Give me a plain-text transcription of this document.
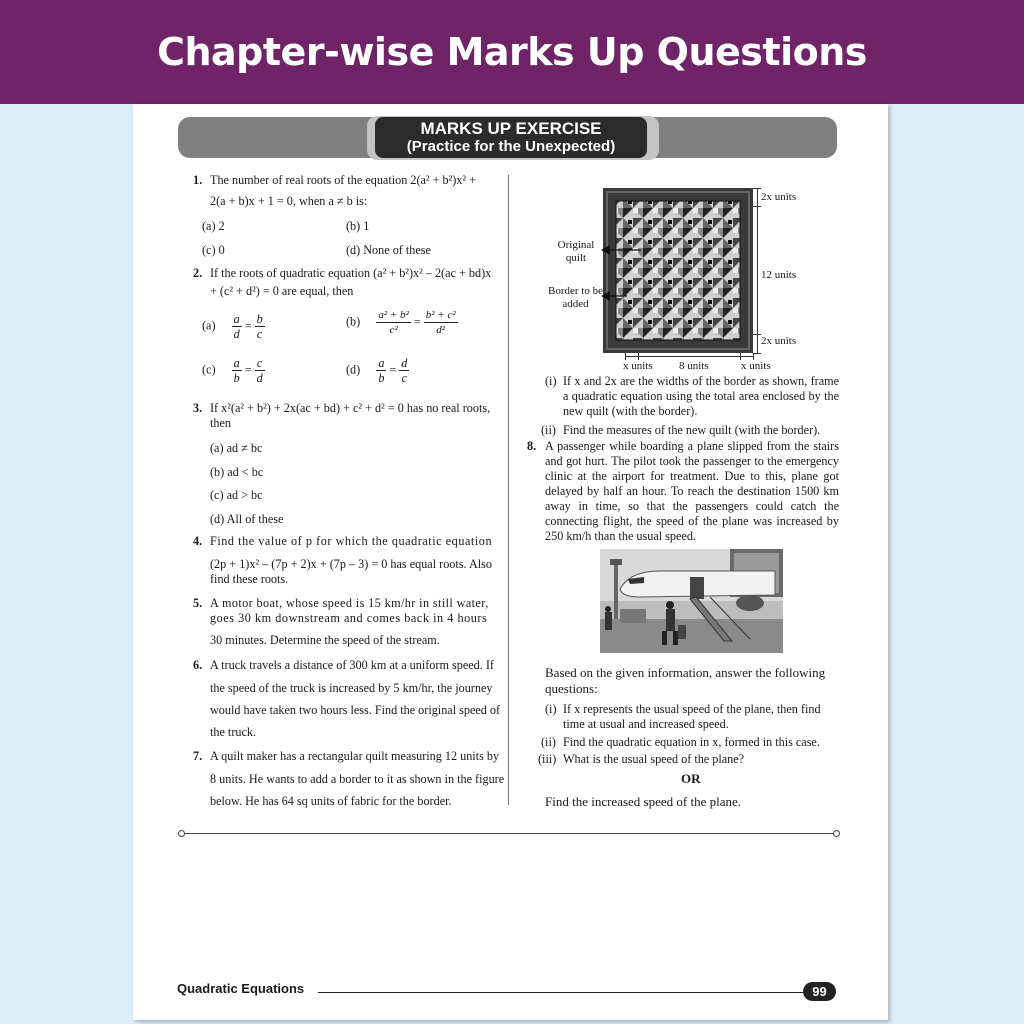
Chapter-wise Marks Up Questions
MARKS UP EXERCISE
(Practice for the Unexpected)
1. The number of real roots of the equation 2(a² + b²)x² +
2(a + b)x + 1 = 0, when a ≠ b is:
(a) 2	(b) 1
(c) 0	(d) None of these
2. If the roots of quadratic equation (a² + b²)x² – 2(ac + bd)x
+ (c² + d²) = 0 are equal, then
$(a) \frac{a}{d} = \frac{b}{c}$	$(b) \frac{\text{a² + b²}}{\text{c²}} = \frac{\text{b² + c²}}{\text{d²}}$
$(c) \frac{a}{b} = \frac{c}{d}$	$(d) \frac{a}{b} = \frac{d}{c}$
3. If x²(a² + b²) + 2x(ac + bd) + c² + d² = 0 has no real roots,
then
(a) ad ≠ bc
(b) ad < bc
(c) ad > bc
(d) All of these
4. Find the value of p for which the quadratic equation
(2p + 1)x² – (7p + 2)x + (7p – 3) = 0 has equal roots. Also
find these roots.
5. A motor boat, whose speed is 15 km/hr in still water,
goes 30 km downstream and comes back in 4 hours
30 minutes. Determine the speed of the stream.
6. A truck travels a distance of 300 km at a uniform speed. If
the speed of the truck is increased by 5 km/hr, the journey
would have taken two hours less. Find the original speed of
the truck.
7. A quilt maker has a rectangular quilt measuring 12 units by
8 units. He wants to add a border to it as shown in the figure
below. He has 64 sq units of fabric for the border.
Original quilt
Border to be added
2x units
12 units
2x units
x units 8 units	x units
(i) If x and 2x are the widths of the border as shown, frame a quadratic equation using the total area enclosed by the new quilt (with the border).
(ii) Find the measures of the new quilt (with the border).
8. A passenger while boarding a plane slipped from the stairs and got hurt. The pilot took the passenger to the emergency clinic at the airport for treatment. Due to this, plane got delayed by half an hour. To reach the destination 1500 km away in time, so that the passengers could catch the connecting flight, the speed of the plane was increased by 250 km/h than the usual speed.
Based on the given information, answer the following questions:
(i) If x represents the usual speed of the plane, then find time at usual and increased speed.
(ii) Find the quadratic equation in x, formed in this case.
(iii) What is the usual speed of the plane?
OR
Find the increased speed of the plane.
Quadratic Equations	99
